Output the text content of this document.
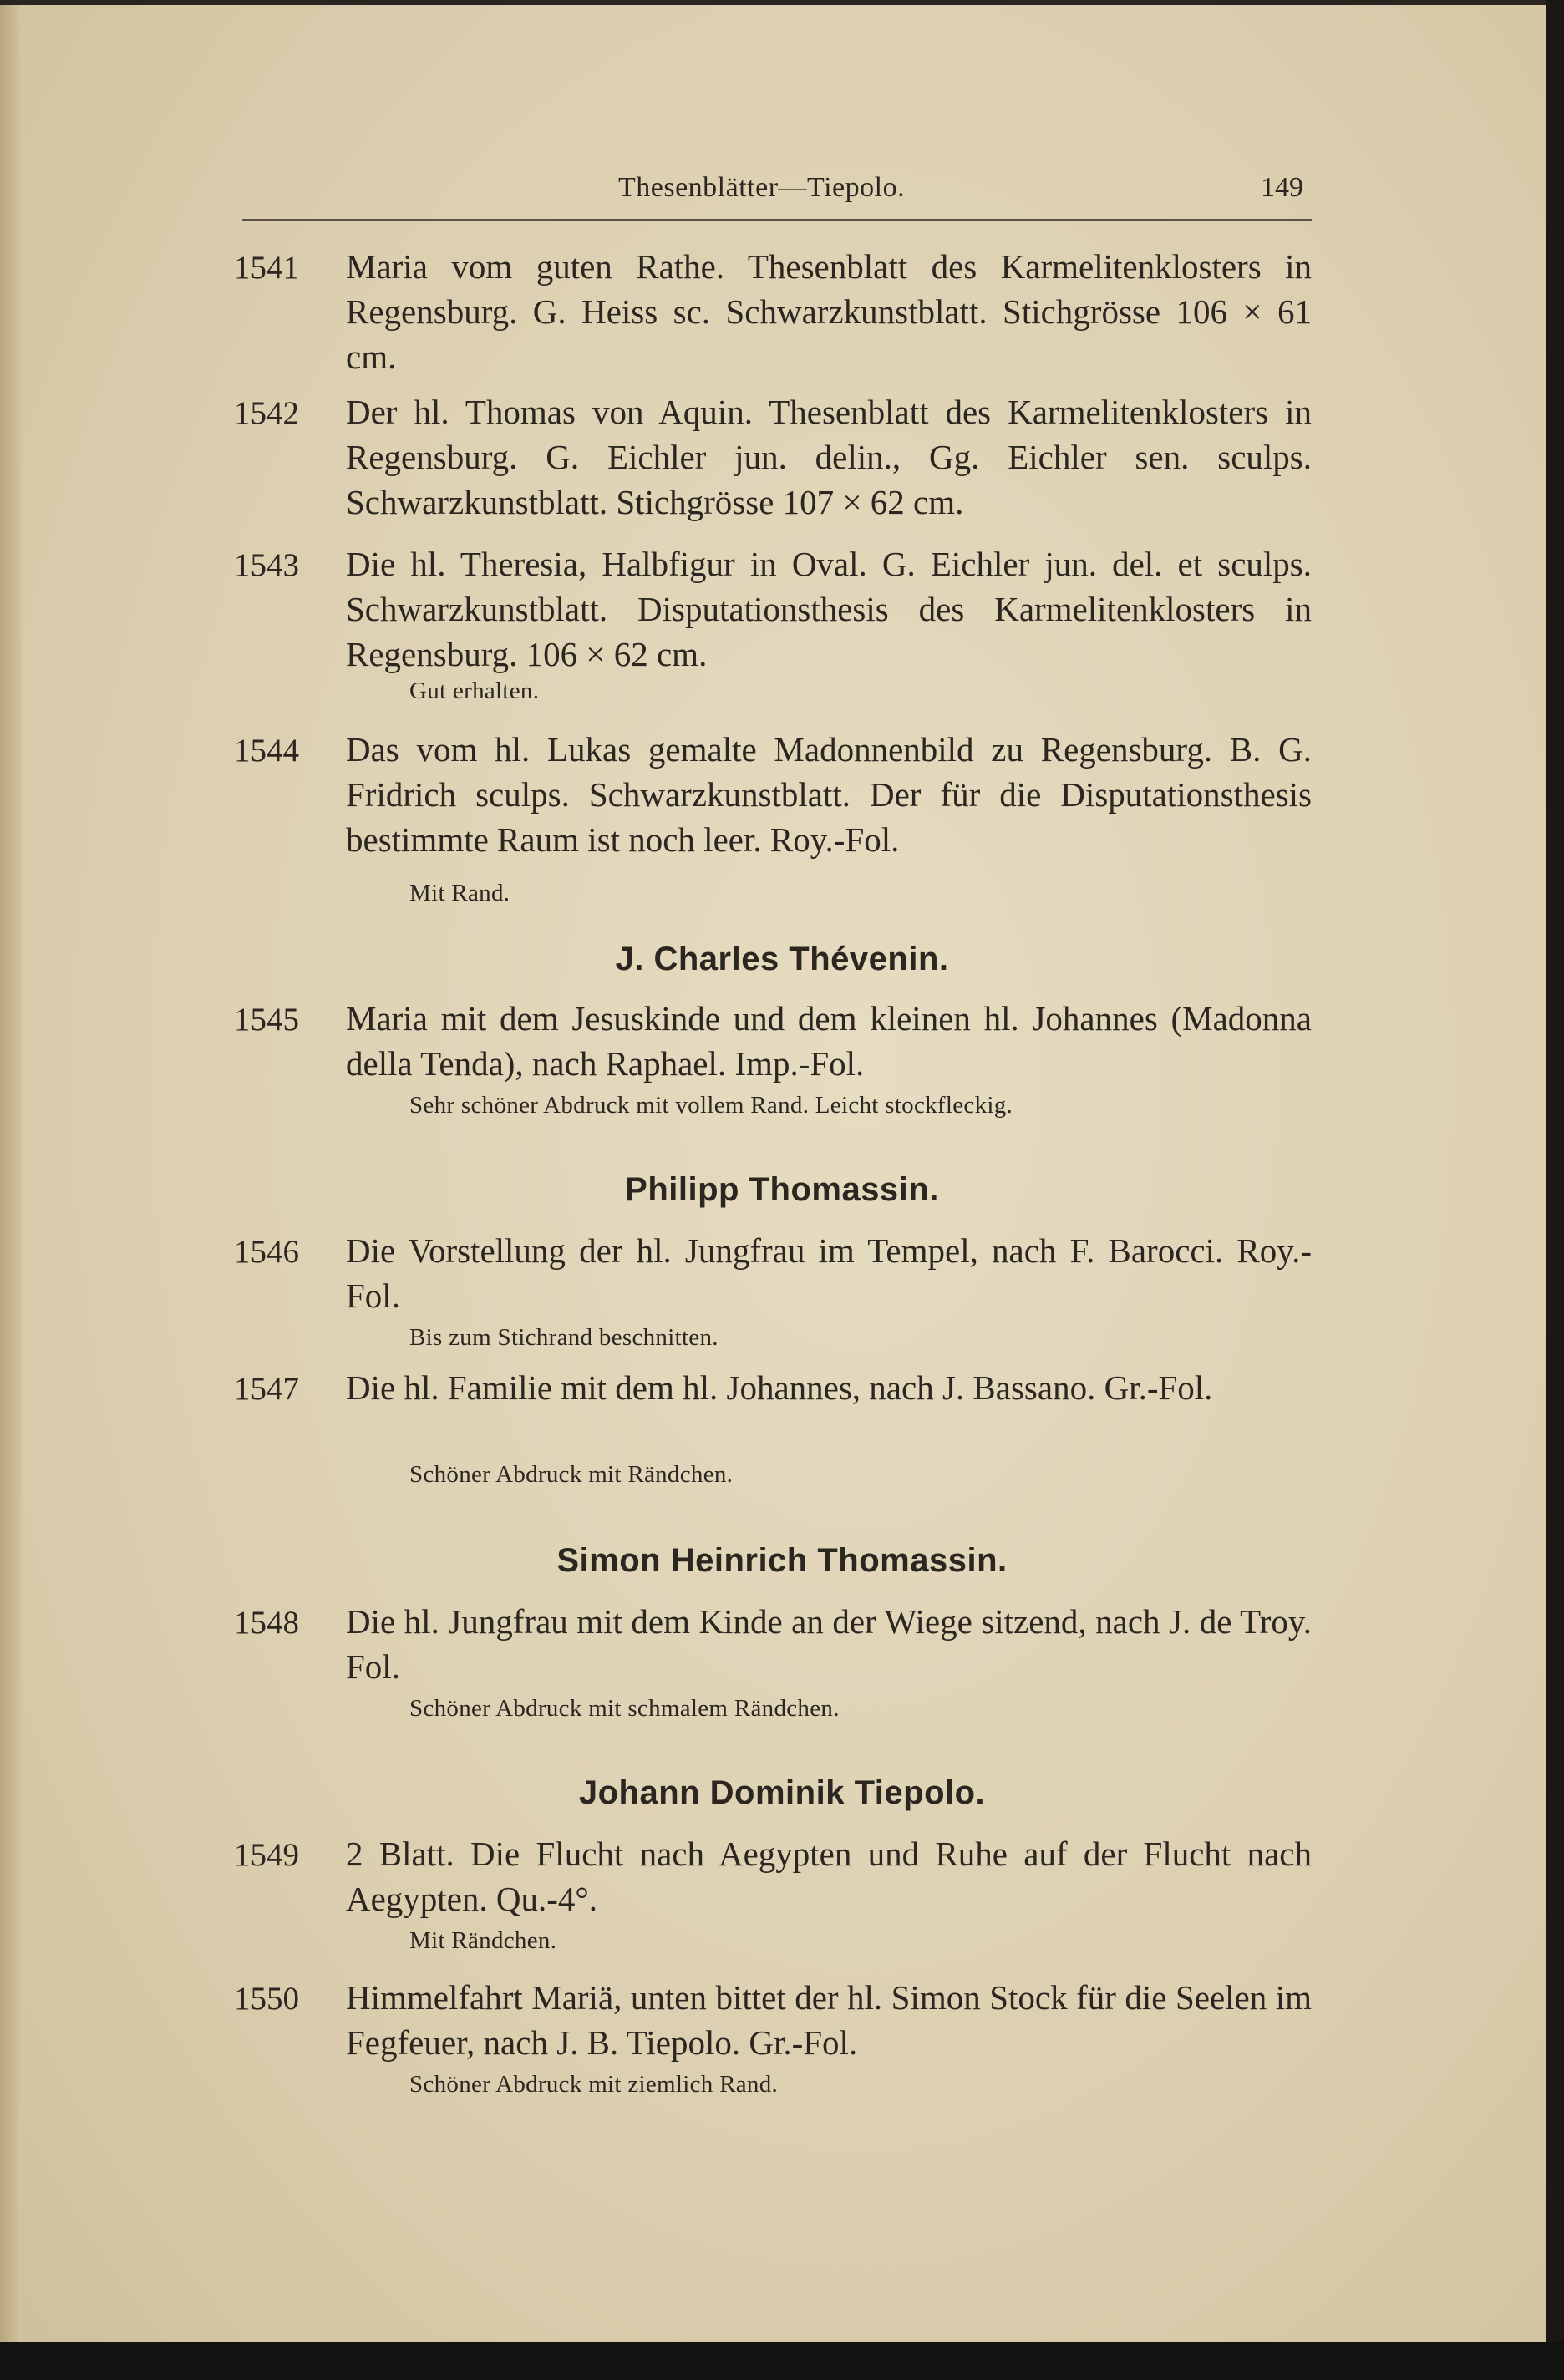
Thesenblätter—Tiepolo.	149
1541 Maria vom guten Rathe. Thesenblatt des Karmelitenklosters in Regensburg. G. Heiss sc. Schwarzkunstblatt. Stichgrösse 106 × 61 cm.
1542 Der hl. Thomas von Aquin. Thesenblatt des Karmelitenklosters in Regensburg. G. Eichler jun. delin., Gg. Eichler sen. sculps. Schwarzkunstblatt. Stichgrösse 107 × 62 cm.
1543 Die hl. Theresia, Halbfigur in Oval. G. Eichler jun. del. et sculps. Schwarzkunstblatt. Disputationsthesis des Karmelitenklosters in Regensburg. 106 × 62 cm.
Gut erhalten.
1544 Das vom hl. Lukas gemalte Madonnenbild zu Regensburg. B. G. Fridrich sculps. Schwarzkunstblatt. Der für die Disputationsthesis bestimmte Raum ist noch leer. Roy.-Fol.
Mit Rand.
J. Charles Thévenin.
1545 Maria mit dem Jesuskinde und dem kleinen hl. Johannes (Madonna della Tenda), nach Raphael. Imp.-Fol.
Sehr schöner Abdruck mit vollem Rand. Leicht stockfleckig.
Philipp Thomassin.
1546 Die Vorstellung der hl. Jungfrau im Tempel, nach F. Barocci. Roy.-Fol.
Bis zum Stichrand beschnitten.
1547 Die hl. Familie mit dem hl. Johannes, nach J. Bassano. Gr.-Fol.
Schöner Abdruck mit Rändchen.
Simon Heinrich Thomassin.
1548 Die hl. Jungfrau mit dem Kinde an der Wiege sitzend, nach J. de Troy. Fol.
Schöner Abdruck mit schmalem Rändchen.
Johann Dominik Tiepolo.
1549 2 Blatt. Die Flucht nach Aegypten und Ruhe auf der Flucht nach Aegypten. Qu.-4°.
Mit Rändchen.
1550 Himmelfahrt Mariä, unten bittet der hl. Simon Stock für die Seelen im Fegfeuer, nach J. B. Tiepolo. Gr.-Fol.
Schöner Abdruck mit ziemlich Rand.
